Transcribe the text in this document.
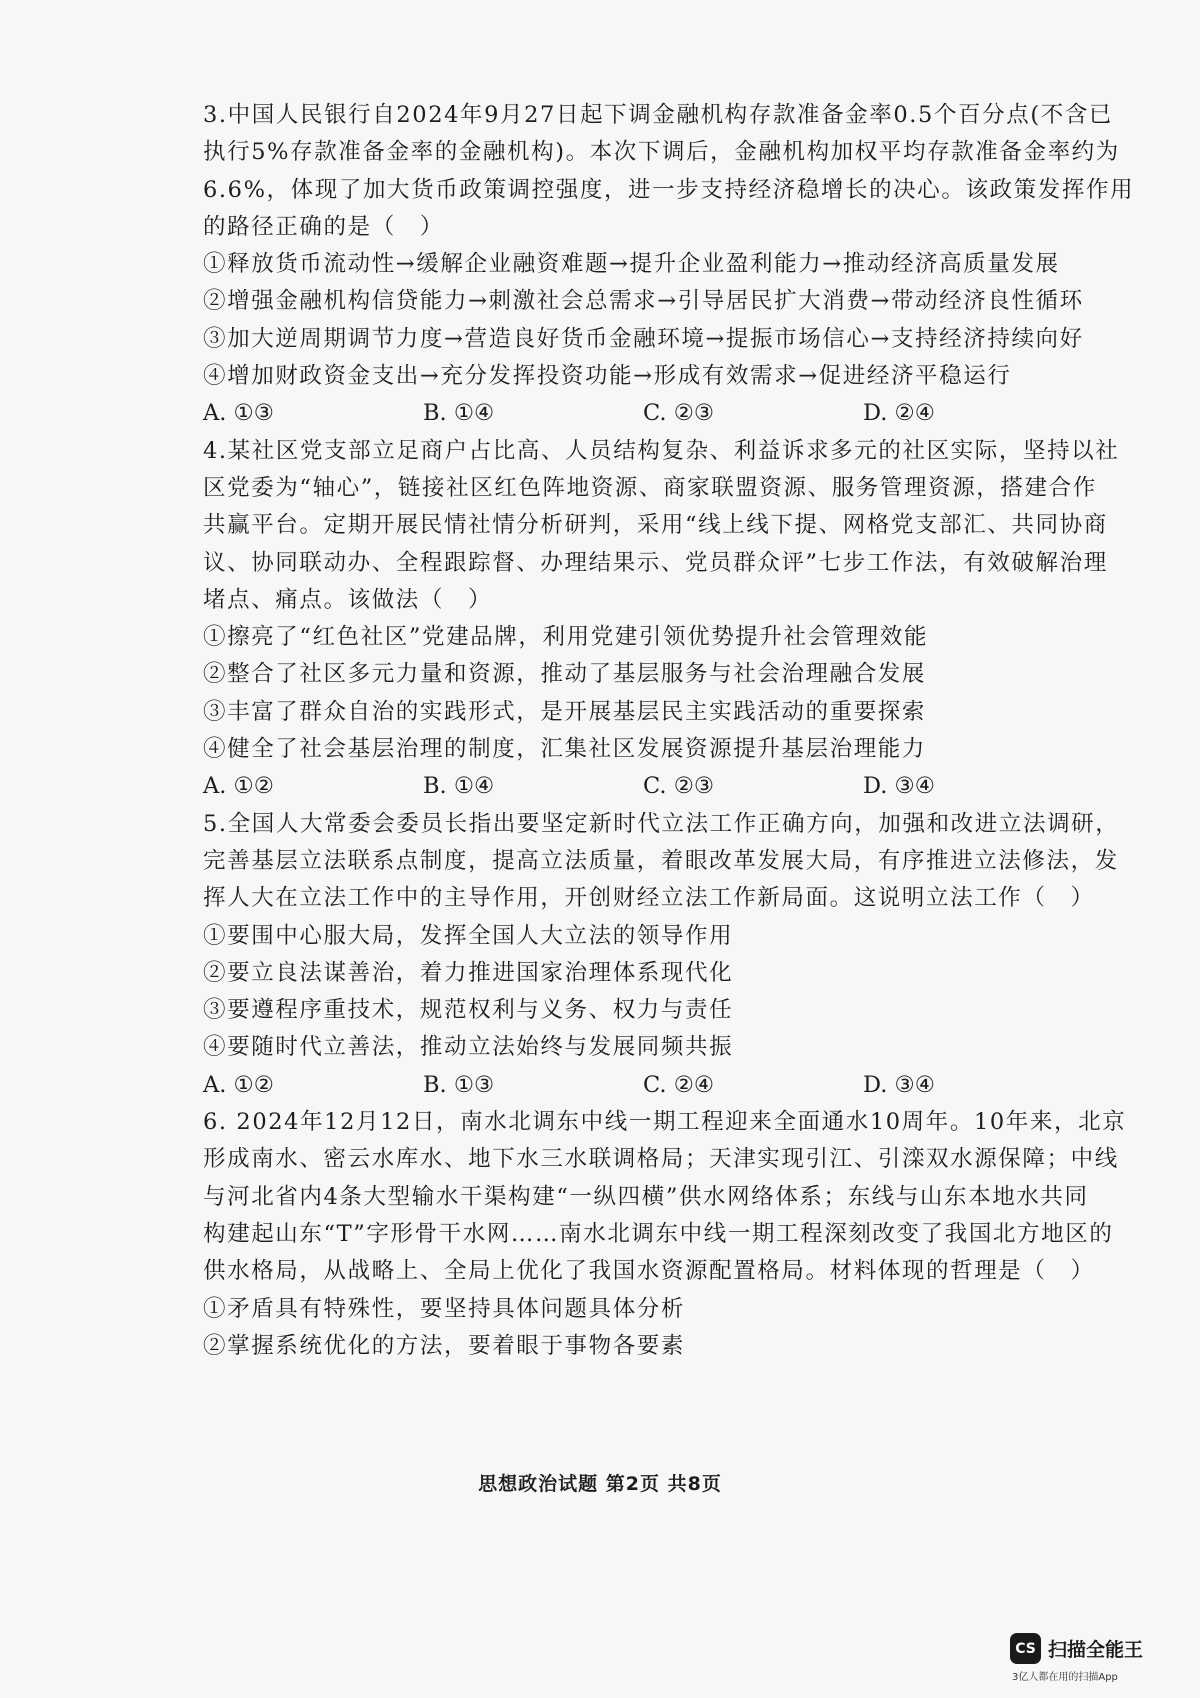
3.中国人民银行自2024年9月27日起下调金融机构存款准备金率0.5个百分点(不含已
执行5%存款准备金率的金融机构)。本次下调后，金融机构加权平均存款准备金率约为
6.6%，体现了加大货币政策调控强度，进一步支持经济稳增长的决心。该政策发挥作用
的路径正确的是（　）
①释放货币流动性→缓解企业融资难题→提升企业盈利能力→推动经济高质量发展
②增强金融机构信贷能力→刺激社会总需求→引导居民扩大消费→带动经济良性循环
③加大逆周期调节力度→营造良好货币金融环境→提振市场信心→支持经济持续向好
④增加财政资金支出→充分发挥投资功能→形成有效需求→促进经济平稳运行
A. ①③	B. ①④	C. ②③	D. ②④
4.某社区党支部立足商户占比高、人员结构复杂、利益诉求多元的社区实际，坚持以社
区党委为“轴心”，链接社区红色阵地资源、商家联盟资源、服务管理资源，搭建合作
共赢平台。定期开展民情社情分析研判，采用“线上线下提、网格党支部汇、共同协商
议、协同联动办、全程跟踪督、办理结果示、党员群众评”七步工作法，有效破解治理
堵点、痛点。该做法（　）
①擦亮了“红色社区”党建品牌，利用党建引领优势提升社会管理效能
②整合了社区多元力量和资源，推动了基层服务与社会治理融合发展
③丰富了群众自治的实践形式，是开展基层民主实践活动的重要探索
④健全了社会基层治理的制度，汇集社区发展资源提升基层治理能力
A. ①②	B. ①④	C. ②③	D. ③④
5.全国人大常委会委员长指出要坚定新时代立法工作正确方向，加强和改进立法调研，
完善基层立法联系点制度，提高立法质量，着眼改革发展大局，有序推进立法修法，发
挥人大在立法工作中的主导作用，开创财经立法工作新局面。这说明立法工作（　）
①要围中心服大局，发挥全国人大立法的领导作用
②要立良法谋善治，着力推进国家治理体系现代化
③要遵程序重技术，规范权利与义务、权力与责任
④要随时代立善法，推动立法始终与发展同频共振
A. ①②	B. ①③	C. ②④	D. ③④
6. 2024年12月12日，南水北调东中线一期工程迎来全面通水10周年。10年来，北京
形成南水、密云水库水、地下水三水联调格局；天津实现引江、引滦双水源保障；中线
与河北省内4条大型输水干渠构建“一纵四横”供水网络体系；东线与山东本地水共同
构建起山东“T”字形骨干水网……南水北调东中线一期工程深刻改变了我国北方地区的
供水格局，从战略上、全局上优化了我国水资源配置格局。材料体现的哲理是（　）
①矛盾具有特殊性，要坚持具体问题具体分析
②掌握系统优化的方法，要着眼于事物各要素
思想政治试题 第2页 共8页
CS 扫描全能王
3亿人都在用的扫描App
